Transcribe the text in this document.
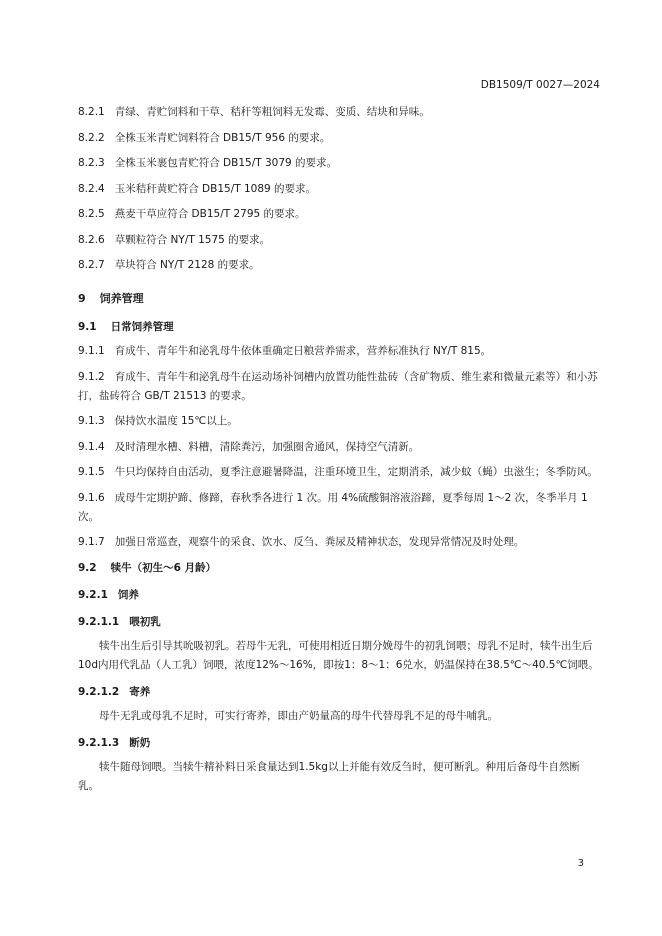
DB1509/T 0027—2024
8.2.1 青绿、青贮饲料和干草、秸秆等粗饲料无发霉、变质、结块和异味。
8.2.2 全株玉米青贮饲料符合 DB15/T 956 的要求。
8.2.3 全株玉米裹包青贮符合 DB15/T 3079 的要求。
8.2.4 玉米秸秆黄贮符合 DB15/T 1089 的要求。
8.2.5 燕麦干草应符合 DB15/T 2795 的要求。
8.2.6 草颗粒符合 NY/T 1575 的要求。
8.2.7 草块符合 NY/T 2128 的要求。
9 饲养管理
9.1 日常饲养管理
9.1.1 育成牛、青年牛和泌乳母牛依体重确定日粮营养需求，营养标准执行 NY/T 815。
9.1.2 育成牛、青年牛和泌乳母牛在运动场补饲槽内放置功能性盐砖（含矿物质、维生素和微量元素等）和小苏打，盐砖符合 GB/T 21513 的要求。
9.1.3 保持饮水温度 15℃以上。
9.1.4 及时清理水槽、料槽，清除粪污，加强圈舍通风，保持空气清新。
9.1.5 牛只均保持自由活动，夏季注意避暑降温，注重环境卫生，定期消杀，减少蚊（蝇）虫滋生；冬季防风。
9.1.6 成母牛定期护蹄、修蹄，春秋季各进行 1 次。用 4%硫酸铜溶液浴蹄，夏季每周 1～2 次，冬季半月 1 次。
9.1.7 加强日常巡查，观察牛的采食、饮水、反刍、粪尿及精神状态，发现异常情况及时处理。
9.2 犊牛（初生～6 月龄）
9.2.1 饲养
9.2.1.1 喂初乳
犊牛出生后引导其吮吸初乳。若母牛无乳，可使用相近日期分娩母牛的初乳饲喂；母乳不足时，犊牛出生后10d内用代乳品（人工乳）饲喂，浓度12%～16%，即按1：8～1：6兑水，奶温保持在38.5℃～40.5℃饲喂。
9.2.1.2 寄养
母牛无乳或母乳不足时，可实行寄养，即由产奶量高的母牛代替母乳不足的母牛哺乳。
9.2.1.3 断奶
犊牛随母饲喂。当犊牛精补料日采食量达到1.5kg以上并能有效反刍时，便可断乳。种用后备母牛自然断乳。
3
